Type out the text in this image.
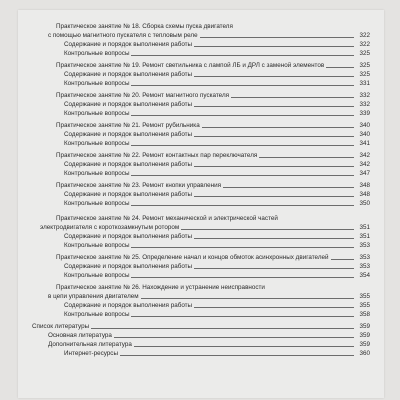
Практическое занятие № 18. Сборка схемы пуска двигателя
с помощью магнитного пускателя с тепловым реле	322
Содержание и порядок выполнения работы	322
Контрольные вопросы	325
Практическое занятие № 19. Ремонт светильника с лампой ЛБ и ДРЛ с заменой элементов	325
Содержание и порядок выполнения работы	325
Контрольные вопросы	331
Практическое занятие № 20. Ремонт магнитного пускателя	332
Содержание и порядок выполнения работы	332
Контрольные вопросы	339
Практическое занятие № 21. Ремонт рубильника	340
Содержание и порядок выполнения работы	340
Контрольные вопросы	341
Практическое занятие № 22. Ремонт контактных пар переключателя	342
Содержание и порядок выполнения работы	342
Контрольные вопросы	347
Практическое занятие № 23. Ремонт кнопки управления	348
Содержание и порядок выполнения работы	348
Контрольные вопросы	350
Практическое занятие № 24. Ремонт механической и электрической частей
электродвигателя с короткозамкнутым ротором	351
Содержание и порядок выполнения работы	351
Контрольные вопросы	353
Практическое занятие № 25. Определение начал и концов обмоток асинхронных двигателей	353
Содержание и порядок выполнения работы	353
Контрольные вопросы	354
Практическое занятие № 26. Нахождение и устранение неисправности
в цепи управления двигателем	355
Содержание и порядок выполнения работы	355
Контрольные вопросы	358
Список литературы	359
Основная литература	359
Дополнительная литература	359
Интернет-ресурсы	360
